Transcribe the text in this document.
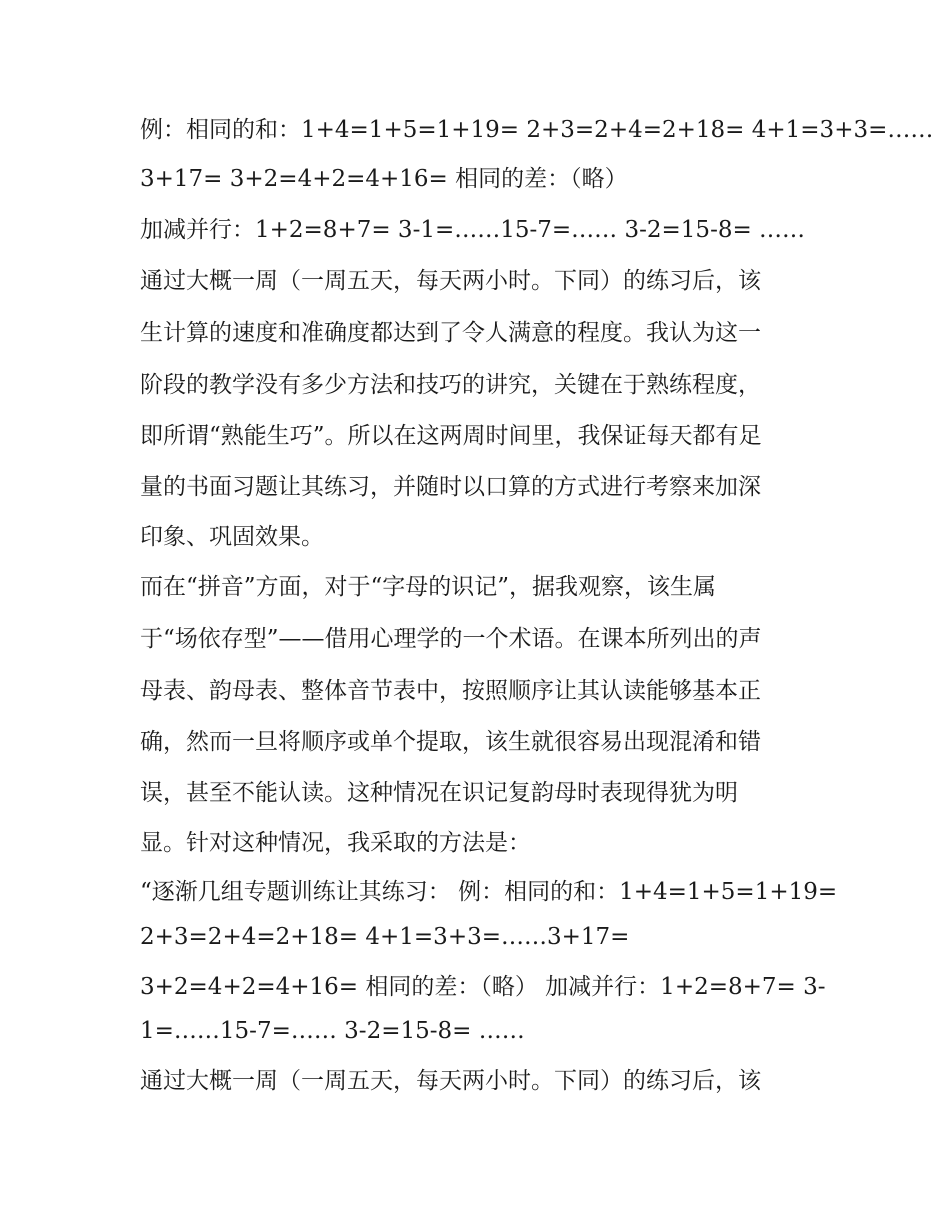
例：相同的和：1+4=1+5=1+19= 2+3=2+4=2+18= 4+1=3+3=……
3+17= 3+2=4+2=4+16= 相同的差：（略）
加减并行：1+2=8+7= 3-1=……15-7=…… 3-2=15-8= ……
通过大概一周（一周五天，每天两小时。下同）的练习后，该
生计算的速度和准确度都达到了令人满意的程度。我认为这一
阶段的教学没有多少方法和技巧的讲究，关键在于熟练程度，
即所谓“熟能生巧”。所以在这两周时间里，我保证每天都有足
量的书面习题让其练习，并随时以口算的方式进行考察来加深
印象、巩固效果。
而在“拼音”方面，对于“字母的识记”，据我观察，该生属
于“场依存型”——借用心理学的一个术语。在课本所列出的声
母表、韵母表、整体音节表中，按照顺序让其认读能够基本正
确，然而一旦将顺序或单个提取，该生就很容易出现混淆和错
误，甚至不能认读。这种情况在识记复韵母时表现得犹为明
显。针对这种情况，我采取的方法是：
“逐渐几组专题训练让其练习： 例：相同的和：1+4=1+5=1+19=
2+3=2+4=2+18= 4+1=3+3=……3+17=
3+2=4+2=4+16= 相同的差：（略） 加减并行：1+2=8+7= 3-
1=……15-7=…… 3-2=15-8= ……
通过大概一周（一周五天，每天两小时。下同）的练习后，该
